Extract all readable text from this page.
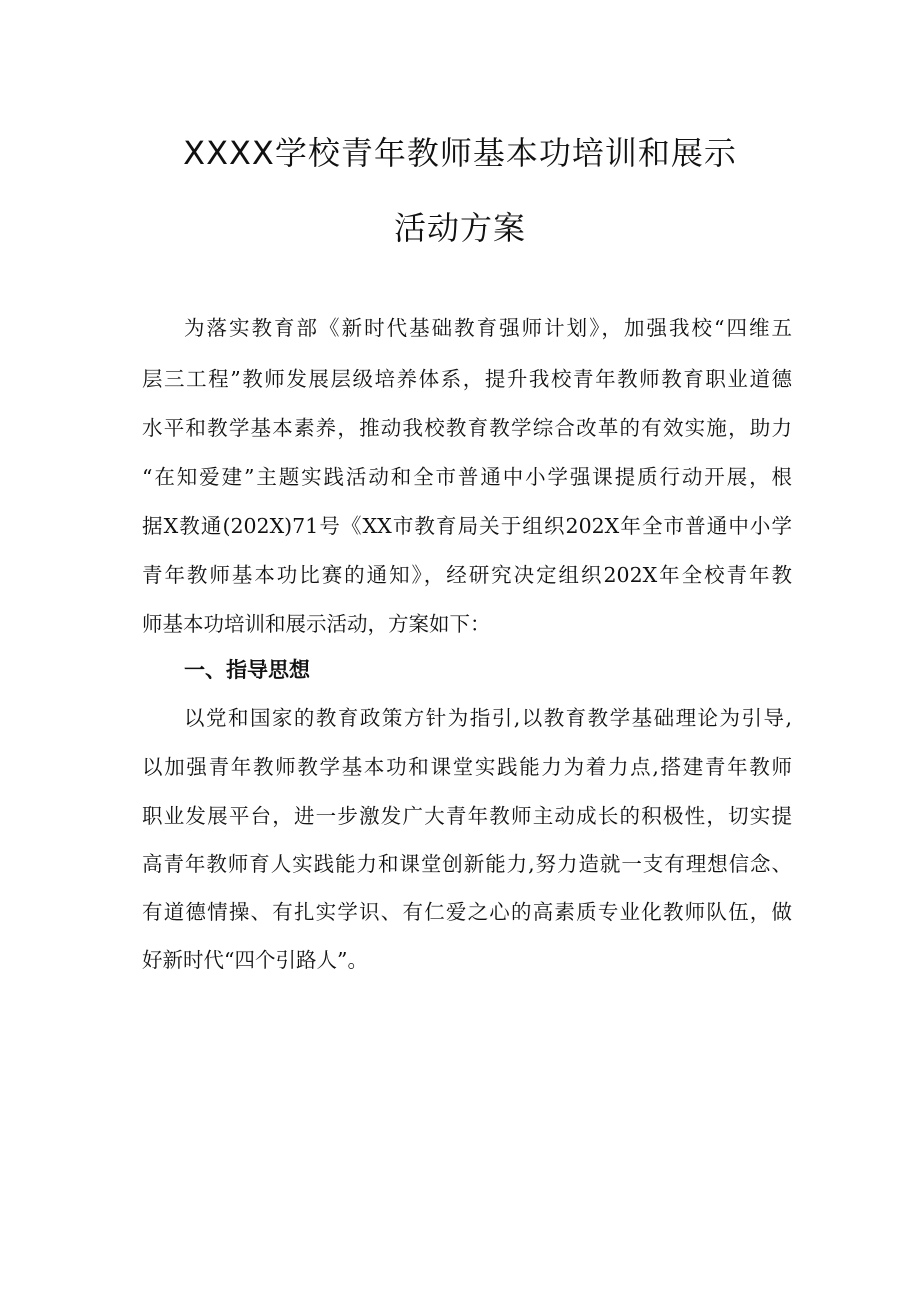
XXXX学校青年教师基本功培训和展示
活动方案
为落实教育部《新时代基础教育强师计划》，加强我校“四维五
层三工程”教师发展层级培养体系，提升我校青年教师教育职业道德
水平和教学基本素养，推动我校教育教学综合改革的有效实施，助力
“在知爱建”主题实践活动和全市普通中小学强课提质行动开展，根
据X教通(202X)71号《XX市教育局关于组织202X年全市普通中小学
青年教师基本功比赛的通知》，经研究决定组织202X年全校青年教
师基本功培训和展示活动，方案如下：
一、指导思想
以党和国家的教育政策方针为指引,以教育教学基础理论为引导,
以加强青年教师教学基本功和课堂实践能力为着力点,搭建青年教师
职业发展平台，进一步激发广大青年教师主动成长的积极性，切实提
高青年教师育人实践能力和课堂创新能力,努力造就一支有理想信念、
有道德情操、有扎实学识、有仁爱之心的高素质专业化教师队伍，做
好新时代“四个引路人”。
